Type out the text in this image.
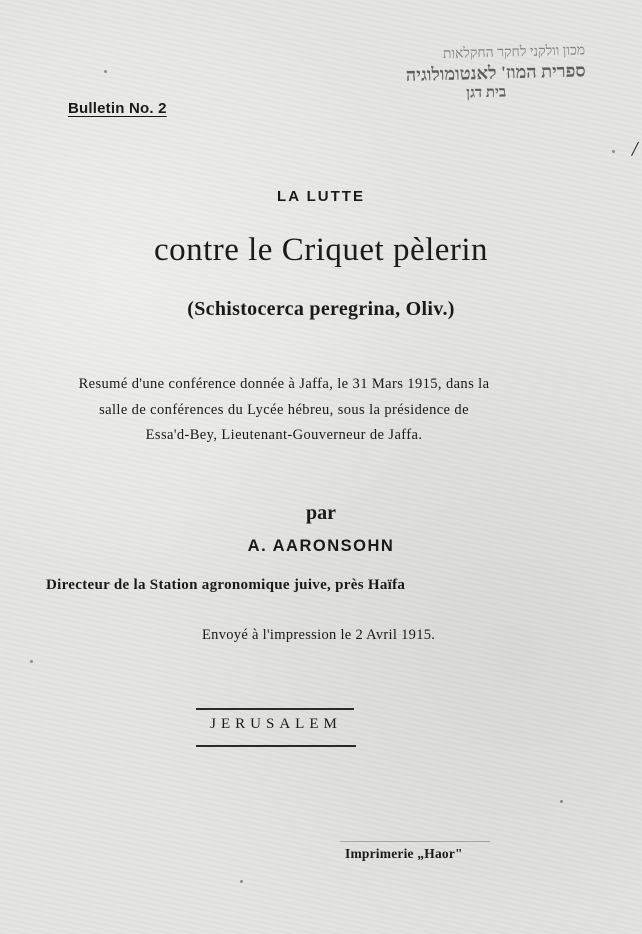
Bulletin No. 2
מכון וולקני לחקר החקלאות
ספרית המוז' לאנטומולוגיה
בית דגן
/

LA LUTTE

contre le Criquet pèlerin

(Schistocerca peregrina, Oliv.)

Resumé d'une conférence donnée à Jaffa, le 31 Mars 1915, dans la
salle de conférences du Lycée hébreu, sous la présidence de
Essa'd-Bey, Lieutenant-Gouverneur de Jaffa.

par

A. AARONSOHN

Directeur de la Station agronomique juive, près Haïfa

Envoyé à l'impression le 2 Avril 1915.

JERUSALEM

Imprimerie „Haor"
